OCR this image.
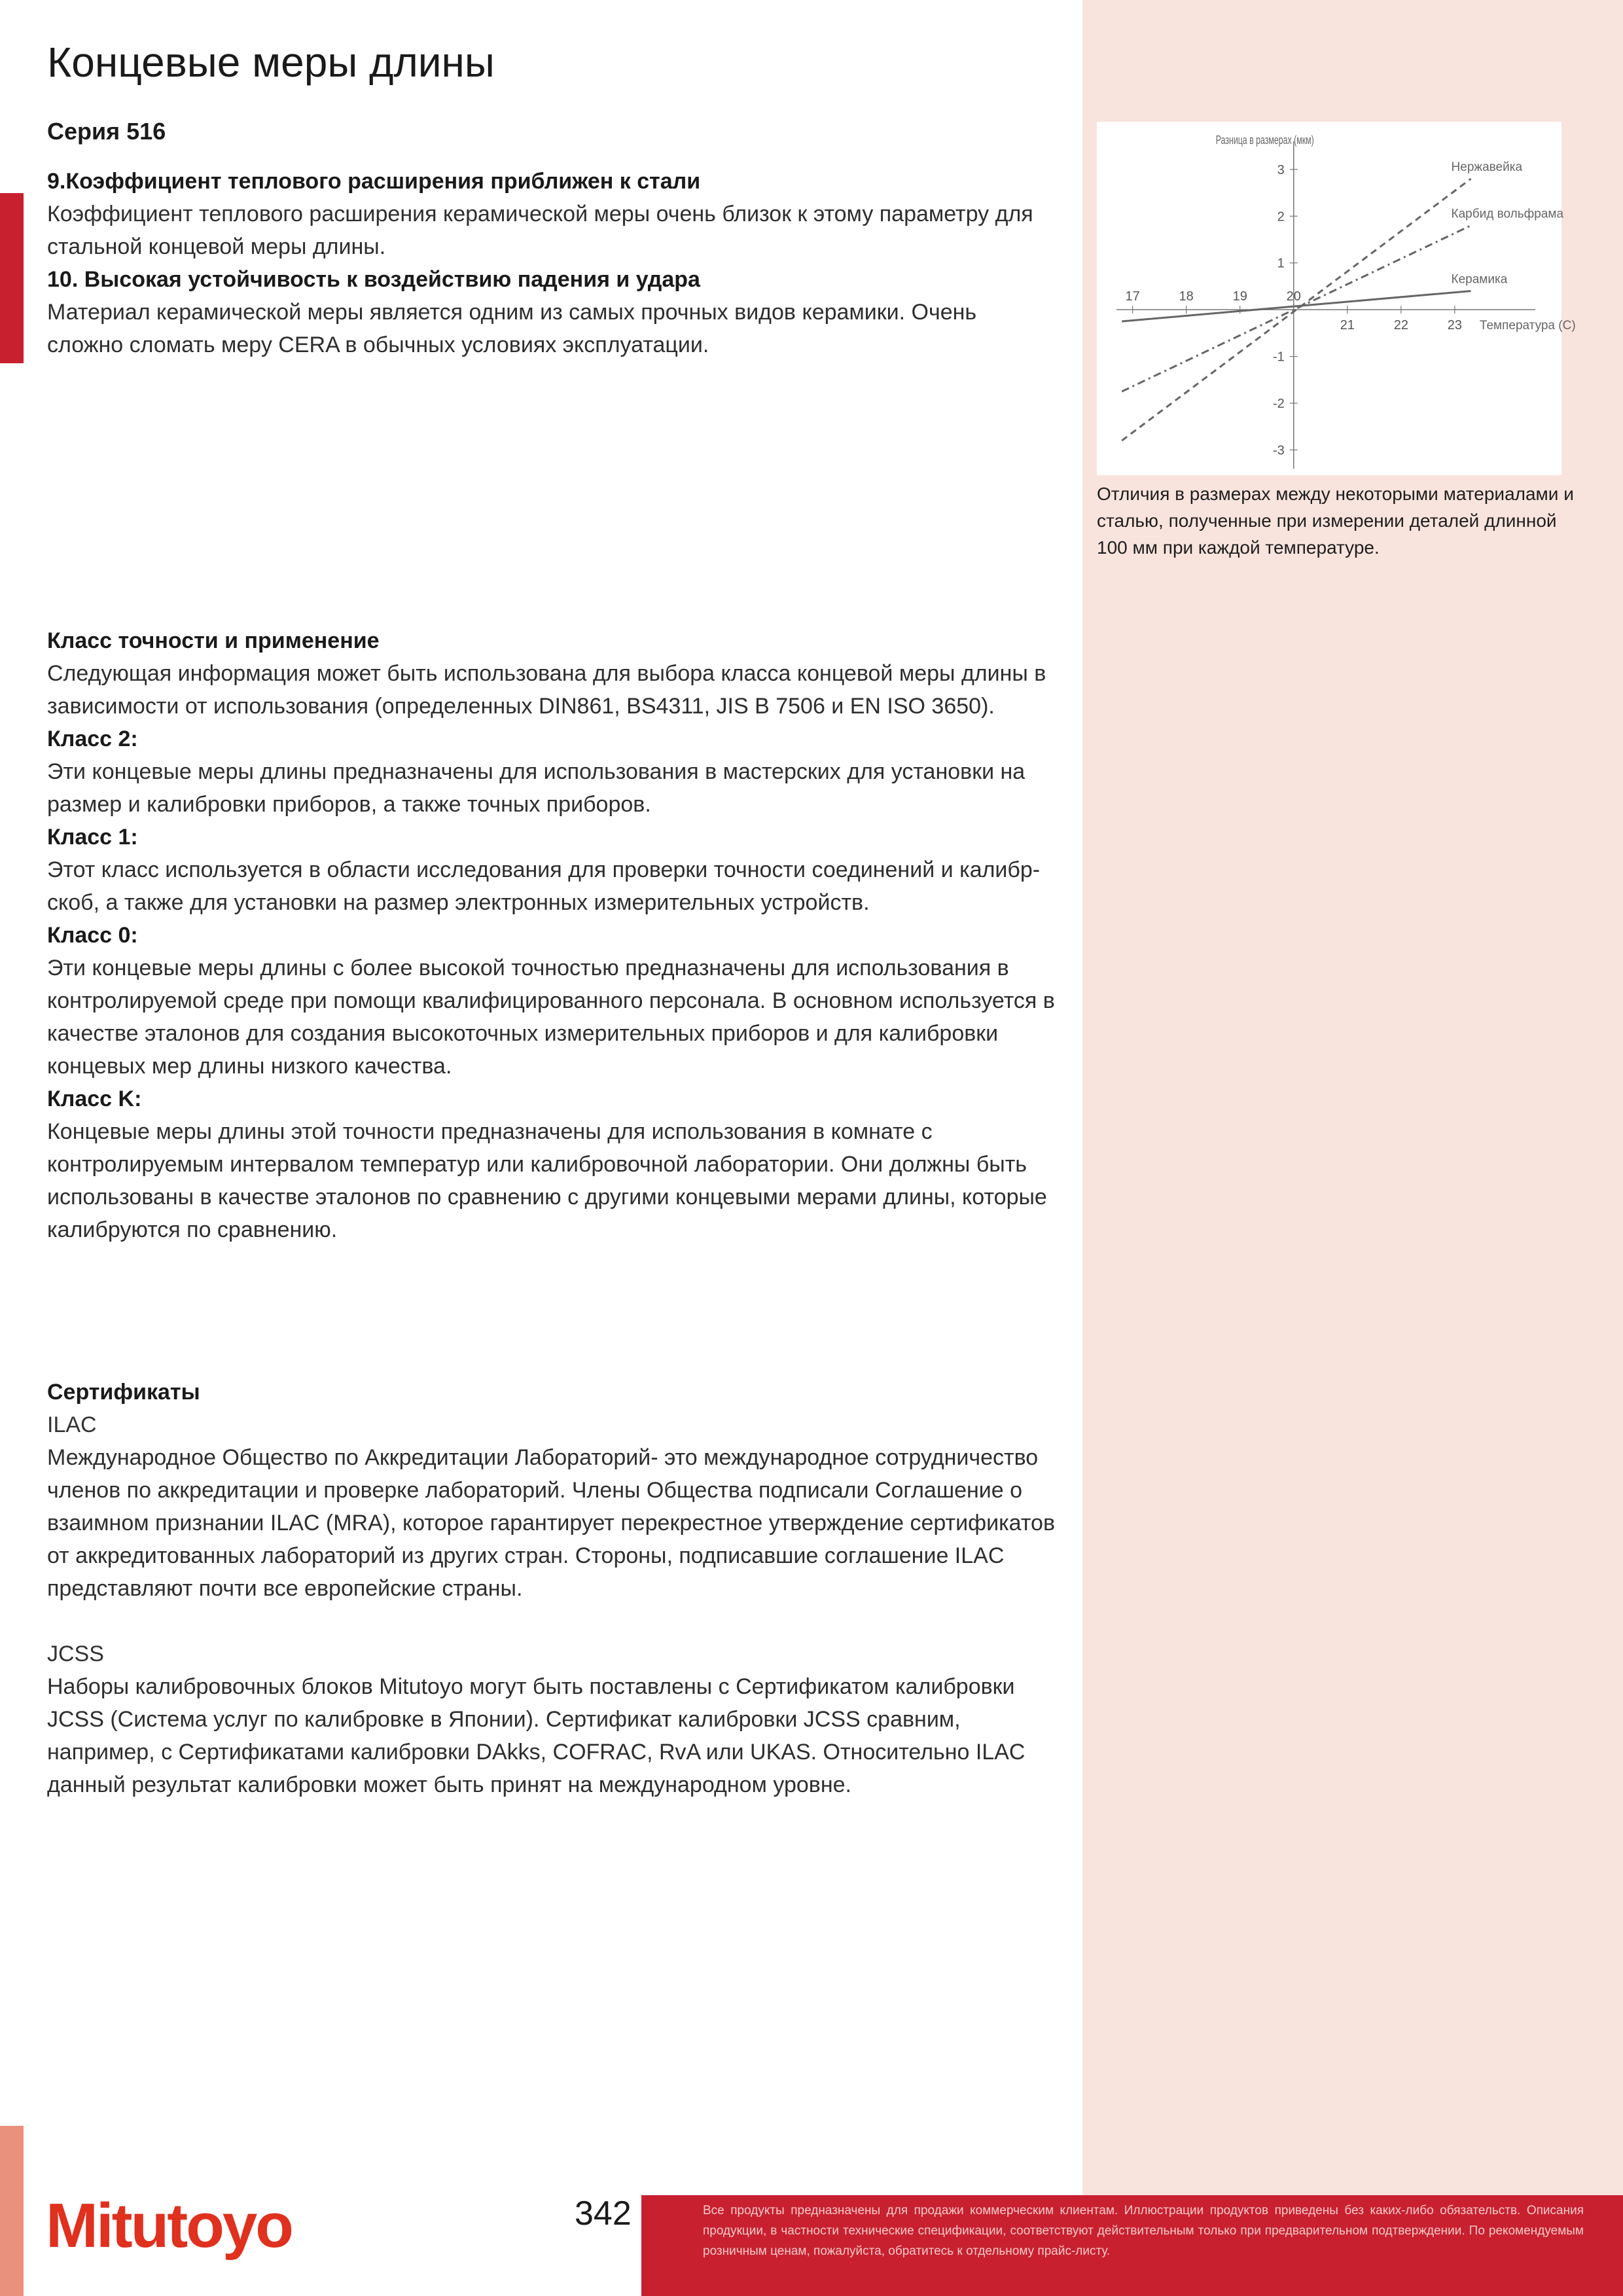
Концевые меры длины
Серия 516
9.Коэффициент теплового расширения приближен к стали
Коэффициент теплового расширения керамической меры очень близок к этому параметру для стальной концевой меры длины.
10. Высокая устойчивость к воздействию падения и удара
Материал керамической меры является одним из самых прочных видов керамики. Очень сложно сломать меру CERA в обычных условиях эксплуатации.
Класс точности и применение
Следующая информация может быть использована для выбора класса концевой меры длины в зависимости от использования (определенных DIN861, BS4311, JIS B 7506 и EN ISO 3650).
Класс 2:
Эти концевые меры длины предназначены для использования в мастерских для установки на размер и калибровки приборов, а также точных приборов.
Класс 1:
Этот класс используется в области исследования для проверки точности соединений и калибр-скоб, а также для установки на размер электронных измерительных устройств.
Класс 0:
Эти концевые меры длины с более высокой точностью предназначены для использования в контролируемой среде при помощи квалифицированного персонала. В основном используется в качестве эталонов для создания высокоточных измерительных приборов и для калибровки концевых мер длины низкого качества.
Класс K:
Концевые меры длины этой точности предназначены для использования в комнате с контролируемым интервалом температур или калибровочной лаборатории. Они должны быть использованы в качестве эталонов по сравнению с другими концевыми мерами длины, которые калибруются по сравнению.
Сертификаты
ILAC
Международное Общество по Аккредитации Лабораторий- это международное сотрудничество членов по аккредитации и проверке лабораторий. Члены Общества подписали Соглашение о взаимном признании ILAC (MRA), которое гарантирует перекрестное утверждение сертификатов от аккредитованных лабораторий из других стран. Стороны, подписавшие соглашение ILAC представляют почти все европейские страны.
JCSS
Наборы калибровочных блоков Mitutoyo могут быть поставлены с Сертификатом калибровки JCSS (Система услуг по калибровке в Японии). Сертификат калибровки JCSS сравним, например, с Сертификатами калибровки DAkks, COFRAC, RvA или UKAS. Относительно ILAC данный результат калибровки может быть принят на международном уровне.
17	18	19	20
21	22	23
3
2
1
-1
-2
-3
Нержавейка
Карбид вольфрама
Керамика
Разница в размерах (мкм)
Температура (С)
Отличия в размерах между некоторыми материалами и сталью, полученные при измерении деталей длинной 100 мм при каждой температуре.
Все продукты предназначены для продажи коммерческим клиентам. Иллюстрации продуктов приведены без каких-либо обязательств. Описания продукции, в частности технические спецификации, соответствуют действительным только при предварительном подтверждении. По рекомендуемым розничным ценам, пожалуйста, обратитесь к отдельному прайс-листу.
342
Mitutoyo
